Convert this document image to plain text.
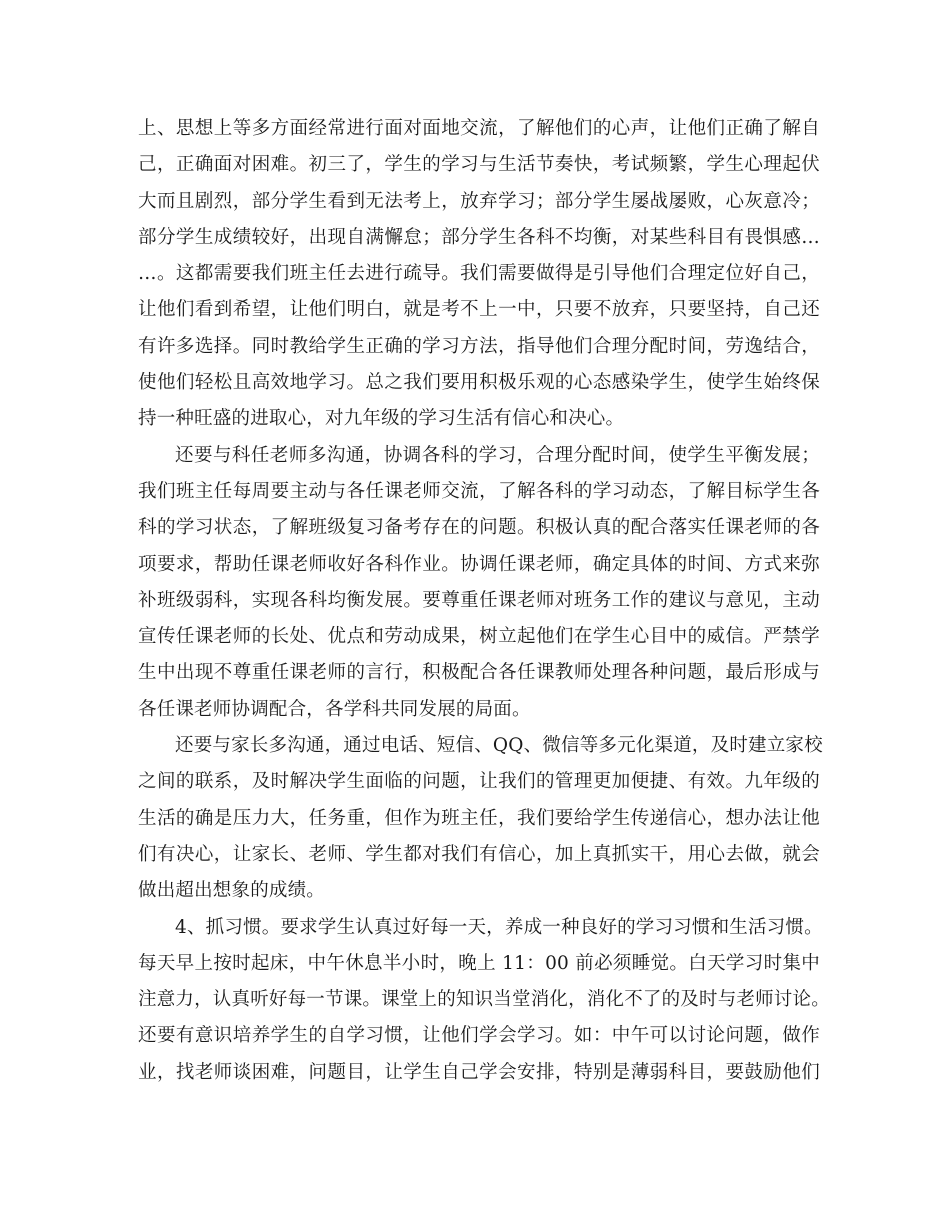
上、思想上等多方面经常进行面对面地交流，了解他们的心声，让他们正确了解自
己，正确面对困难。初三了，学生的学习与生活节奏快，考试频繁，学生心理起伏
大而且剧烈，部分学生看到无法考上，放弃学习；部分学生屡战屡败，心灰意冷；
部分学生成绩较好，出现自满懈怠；部分学生各科不均衡，对某些科目有畏惧感…
…。这都需要我们班主任去进行疏导。我们需要做得是引导他们合理定位好自己，
让他们看到希望，让他们明白，就是考不上一中，只要不放弃，只要坚持，自己还
有许多选择。同时教给学生正确的学习方法，指导他们合理分配时间，劳逸结合，
使他们轻松且高效地学习。总之我们要用积极乐观的心态感染学生，使学生始终保
持一种旺盛的进取心，对九年级的学习生活有信心和决心。
还要与科任老师多沟通，协调各科的学习，合理分配时间，使学生平衡发展；
我们班主任每周要主动与各任课老师交流，了解各科的学习动态，了解目标学生各
科的学习状态，了解班级复习备考存在的问题。积极认真的配合落实任课老师的各
项要求，帮助任课老师收好各科作业。协调任课老师，确定具体的时间、方式来弥
补班级弱科，实现各科均衡发展。要尊重任课老师对班务工作的建议与意见，主动
宣传任课老师的长处、优点和劳动成果，树立起他们在学生心目中的威信。严禁学
生中出现不尊重任课老师的言行，积极配合各任课教师处理各种问题，最后形成与
各任课老师协调配合，各学科共同发展的局面。
还要与家长多沟通，通过电话、短信、QQ、微信等多元化渠道，及时建立家校
之间的联系，及时解决学生面临的问题，让我们的管理更加便捷、有效。九年级的
生活的确是压力大，任务重，但作为班主任，我们要给学生传递信心，想办法让他
们有决心，让家长、老师、学生都对我们有信心，加上真抓实干，用心去做，就会
做出超出想象的成绩。
4、抓习惯。要求学生认真过好每一天，养成一种良好的学习习惯和生活习惯。
每天早上按时起床，中午休息半小时，晚上 11：00 前必须睡觉。白天学习时集中
注意力，认真听好每一节课。课堂上的知识当堂消化，消化不了的及时与老师讨论。
还要有意识培养学生的自学习惯，让他们学会学习。如：中午可以讨论问题，做作
业，找老师谈困难，问题目，让学生自己学会安排，特别是薄弱科目，要鼓励他们
